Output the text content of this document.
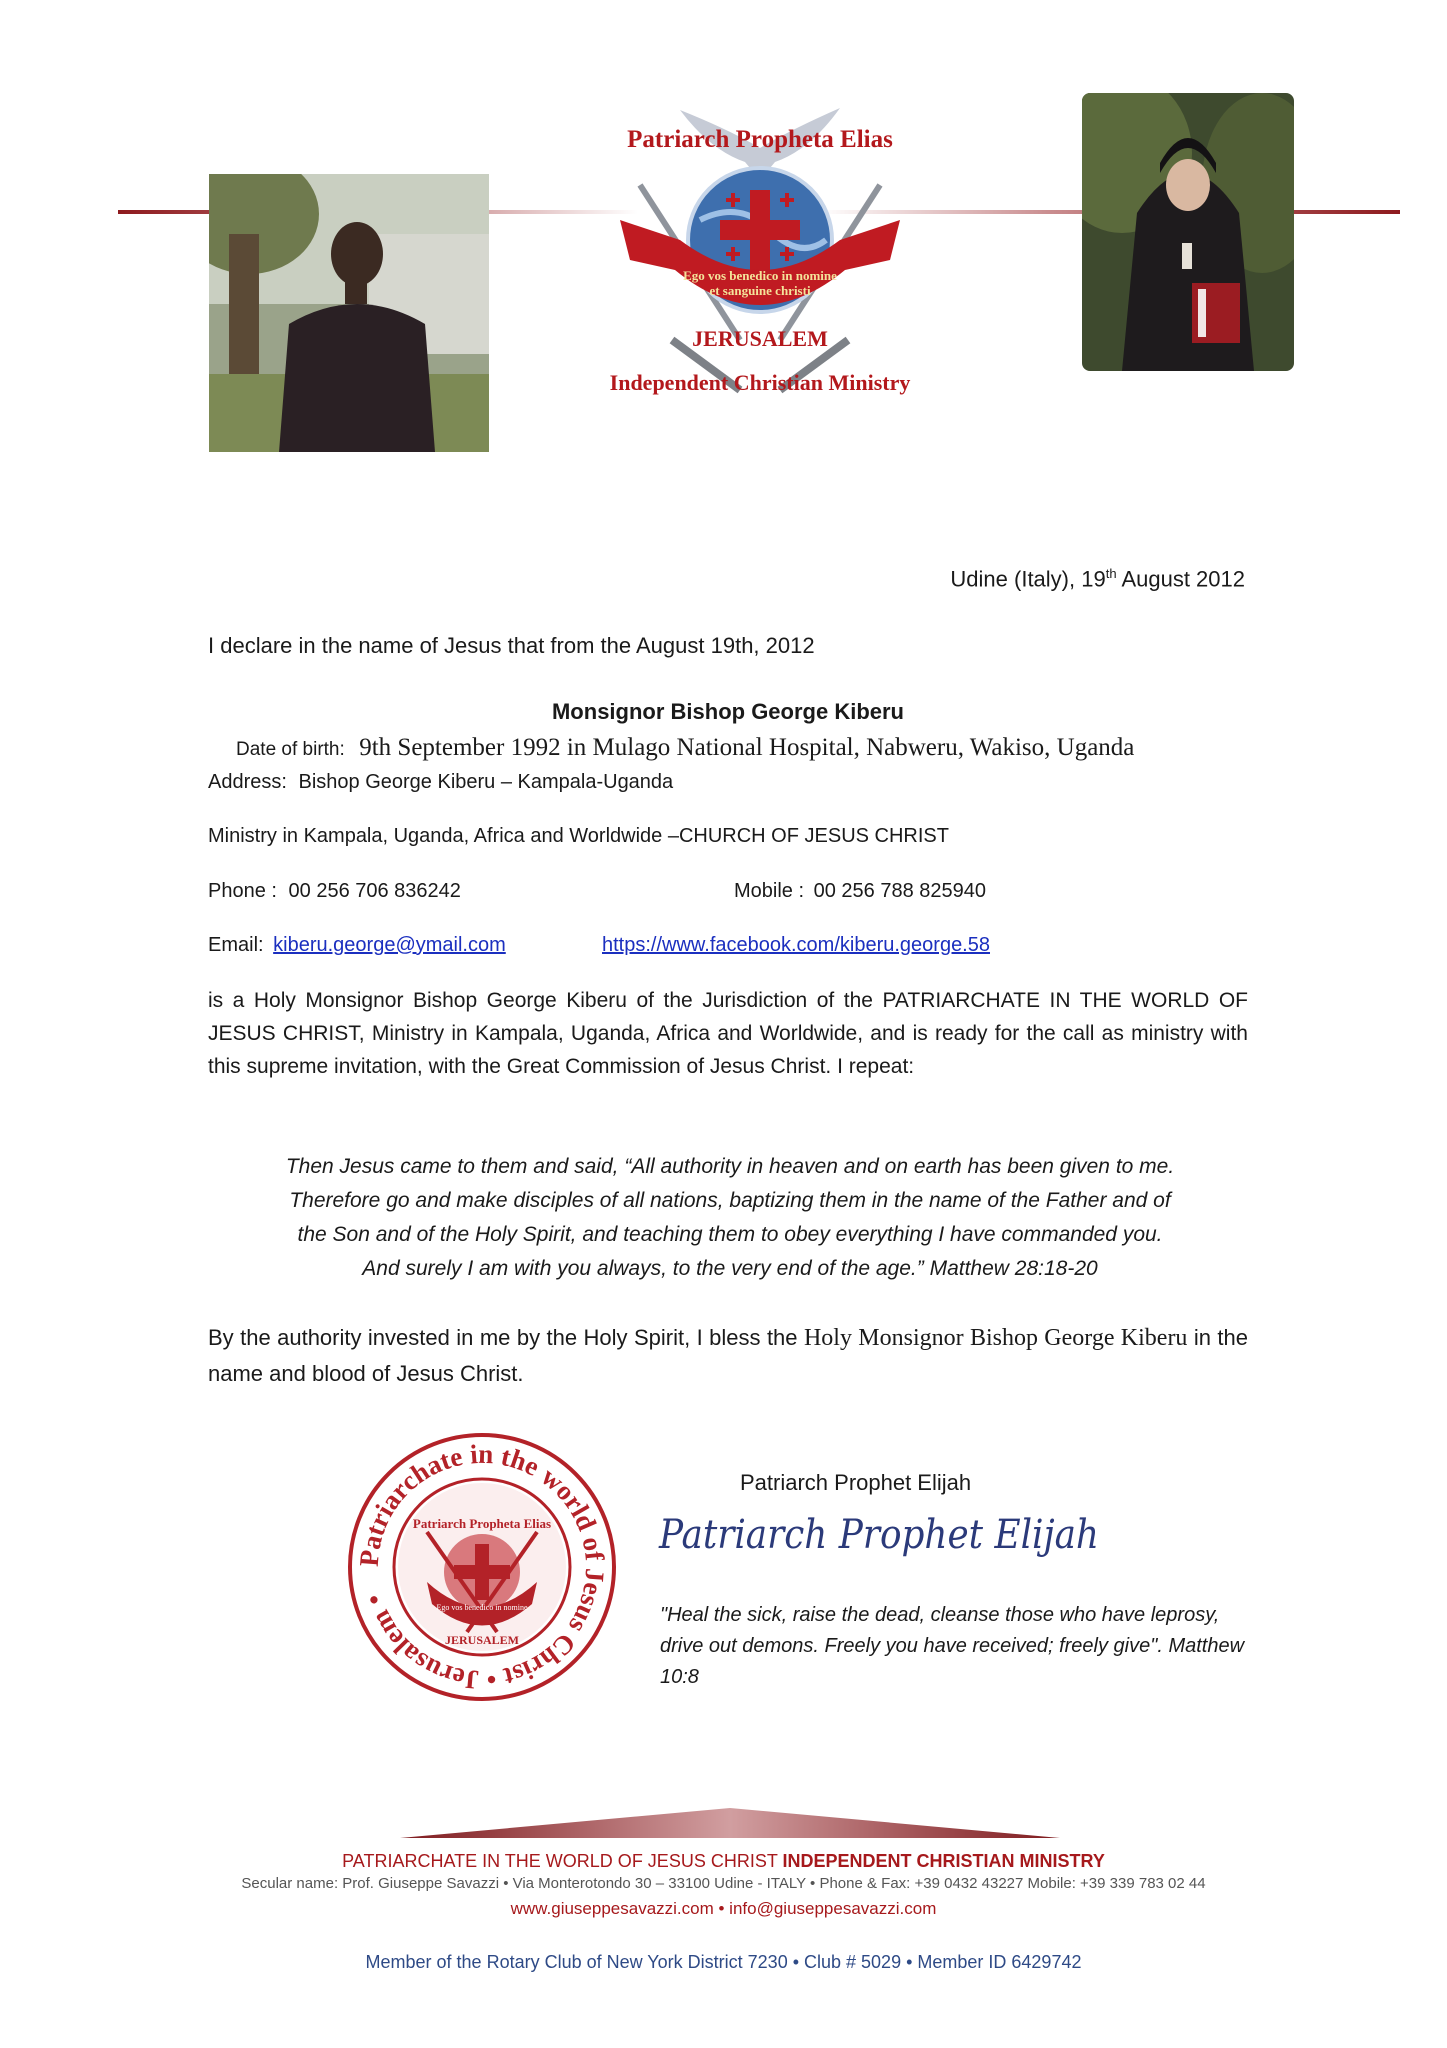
Patriarch Propheta Elias
Ego vos benedico in nomine
et sanguine christi
JERUSALEM
Independent Christian Ministry
Udine (Italy), 19th August 2012
I declare in the name of Jesus that from the August 19th, 2012
Monsignor Bishop George Kiberu
Date of birth: 9th September 1992 in Mulago National Hospital, Nabweru, Wakiso, Uganda
Address: Bishop George Kiberu – Kampala-Uganda
Ministry in Kampala, Uganda, Africa and Worldwide –CHURCH OF JESUS CHRIST
Phone : 00 256 706 836242	Mobile : 00 256 788 825940
Email: kiberu.george@ymail.com	https://www.facebook.com/kiberu.george.58
is a Holy Monsignor Bishop George Kiberu of the Jurisdiction of the PATRIARCHATE IN THE WORLD OF JESUS CHRIST, Ministry in Kampala, Uganda, Africa and Worldwide, and is ready for the call as ministry with this supreme invitation, with the Great Commission of Jesus Christ. I repeat:
Then Jesus came to them and said, “All authority in heaven and on earth has been given to me.
Therefore go and make disciples of all nations, baptizing them in the name of the Father and of
the Son and of the Holy Spirit, and teaching them to obey everything I have commanded you.
And surely I am with you always, to the very end of the age.” Matthew 28:18-20
By the authority invested in me by the Holy Spirit, I bless the Holy Monsignor Bishop George Kiberu in the name and blood of Jesus Christ.
Patriarchate in the world of Jesus Christ • Jerusalem •
Patriarch Propheta Elias
Ego vos benedico in nomine
JERUSALEM
Patriarch Prophet Elijah
Patriarch Prophet Elijah
"Heal the sick, raise the dead, cleanse those who have leprosy, drive out demons. Freely you have received; freely give". Matthew 10:8
PATRIARCHATE IN THE WORLD OF JESUS CHRIST INDEPENDENT CHRISTIAN MINISTRY
Secular name: Prof. Giuseppe Savazzi • Via Monterotondo 30 – 33100 Udine - ITALY • Phone & Fax: +39 0432 43227 Mobile: +39 339 783 02 44
www.giuseppesavazzi.com • info@giuseppesavazzi.com
Member of the Rotary Club of New York District 7230 • Club # 5029 • Member ID 6429742
